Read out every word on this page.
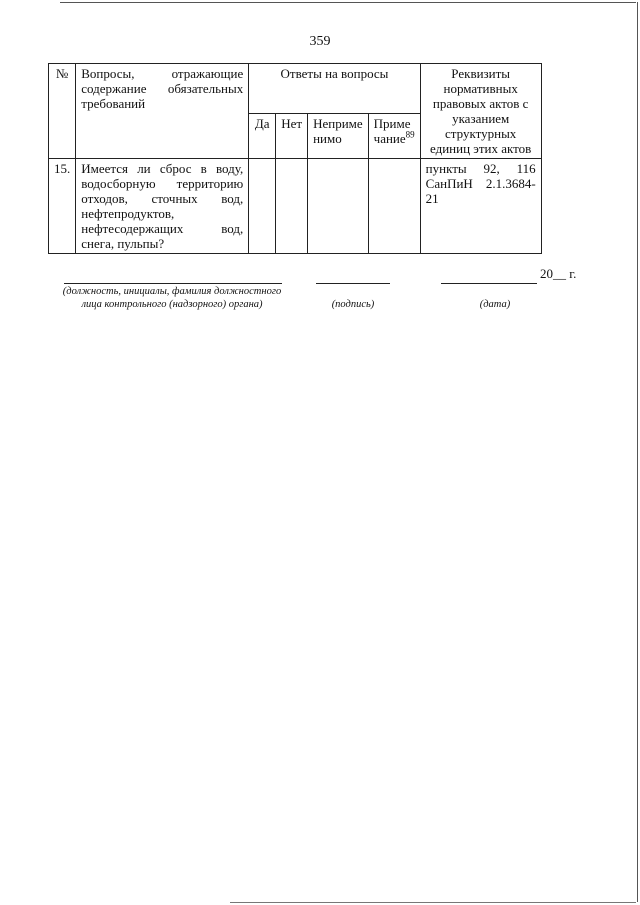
359
№	Вопросы, отражающие содержание обязательных требований	Ответы на вопросы				Реквизиты нормативных правовых актов с указанием структурных единиц этих актов
		Да	Нет	Неприме нимо	Приме чание$^{89}$
15.	Имеется ли сброс в воду, водосборную территорию отходов, сточных вод, нефтепродуктов, нефтесодержащих вод, снега, пульпы?					пункты 92, 116 СанПиН 2.1.3684-21
(должность, инициалы, фамилия должностного лица контрольного (надзорного) органа)	(подпись)
20__ г.
(дата)
